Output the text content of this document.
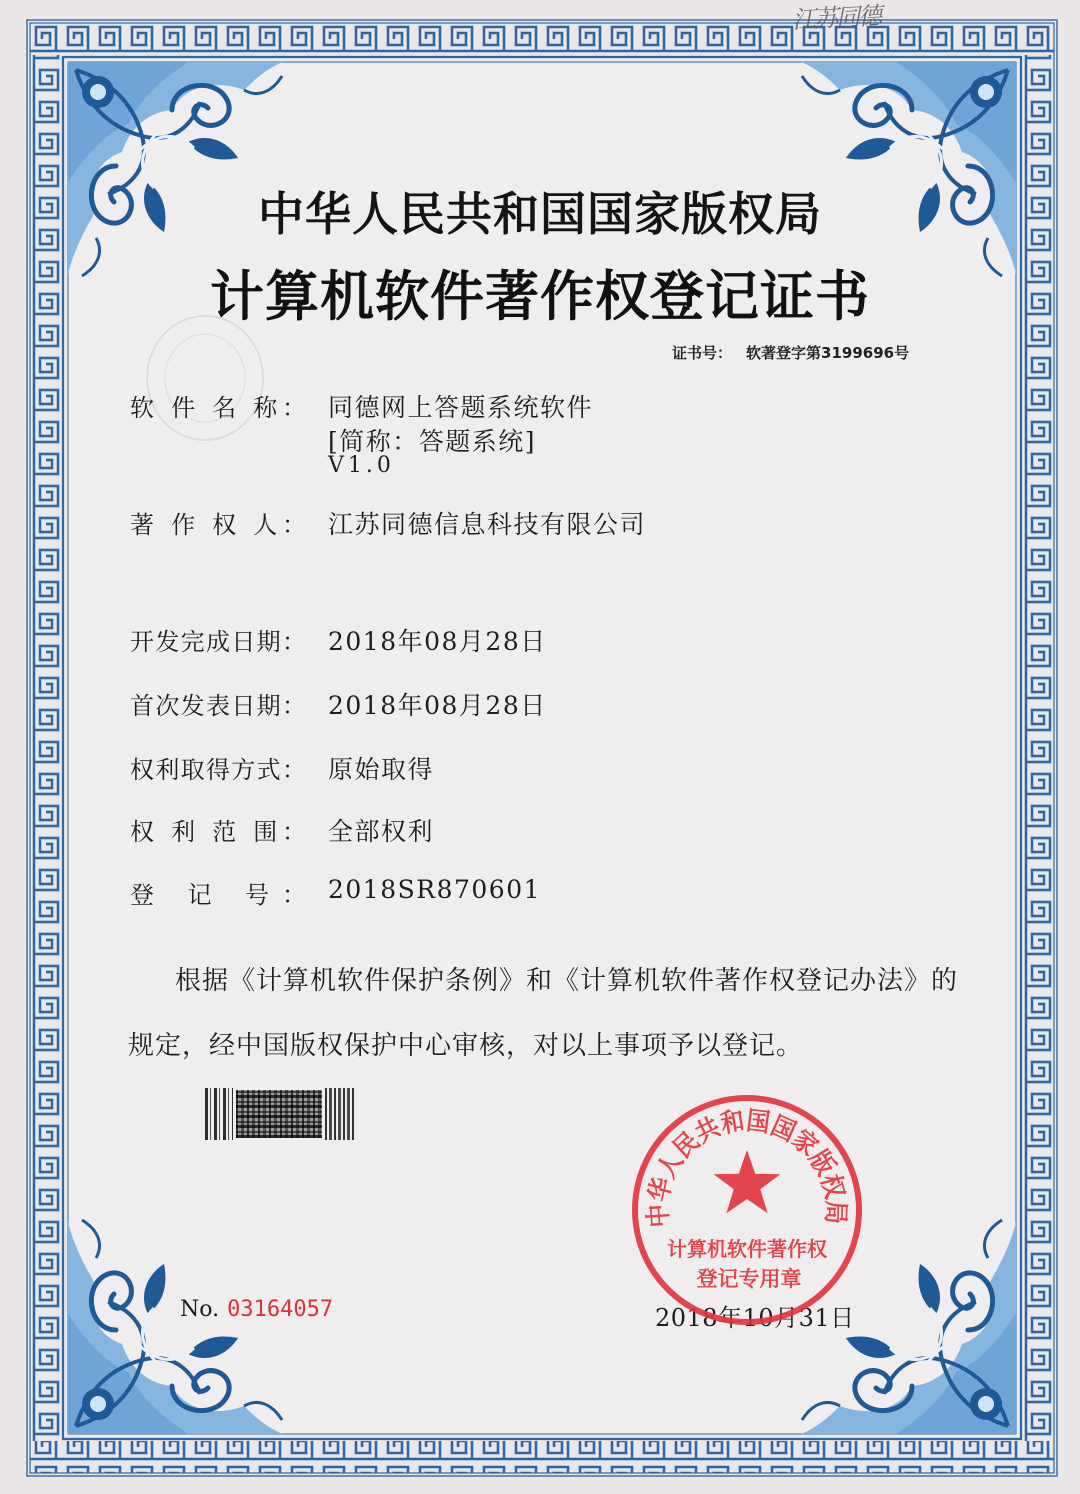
江苏同德
中华人民共和国国家版权局
计算机软件著作权登记证书
证书号： 软著登字第3199696号
软 件 名 称： 同德网上答题系统软件
[简称：答题系统]
V1.0
著 作 权 人： 江苏同德信息科技有限公司
开发完成日期： 2018年08月28日
首次发表日期： 2018年08月28日
权利取得方式： 原始取得
权 利 范 围： 全部权利
登 记 号： 2018SR870601
根据《计算机软件保护条例》和《计算机软件著作权登记办法》的
规定，经中国版权保护中心审核，对以上事项予以登记。
No. 03164057	2018年10月31日
中华人民共和国国家版权局
计算机软件著作权
登记专用章
